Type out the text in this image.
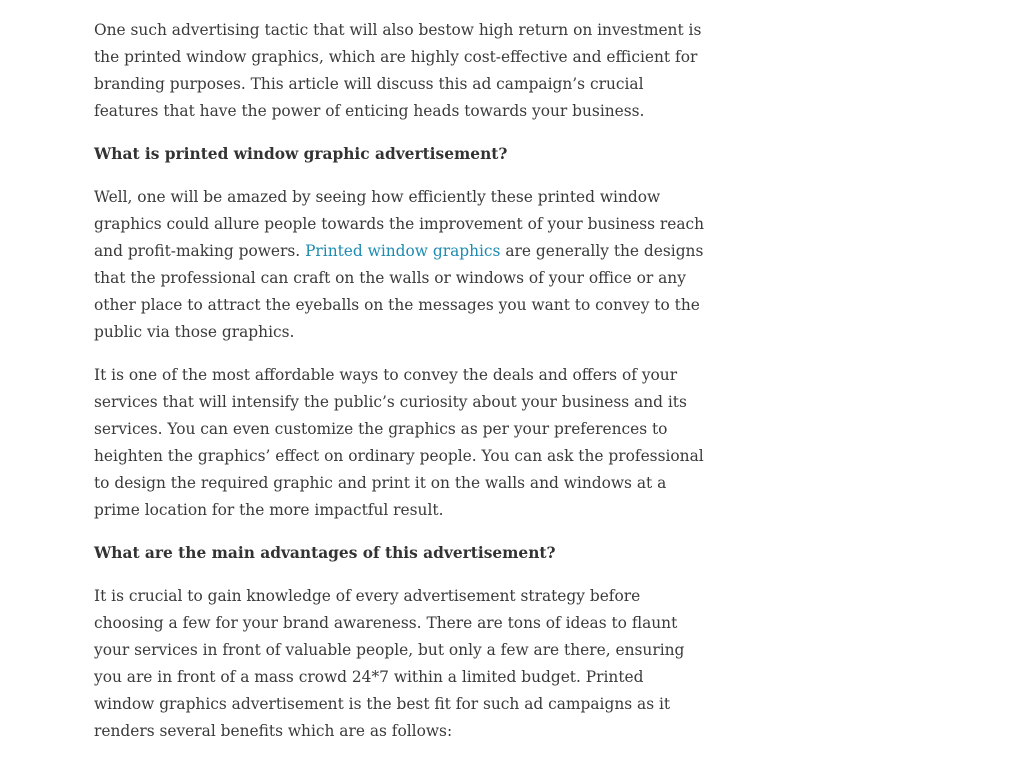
One such advertising tactic that will also bestow high return on investment is the printed window graphics, which are highly cost-effective and efficient for branding purposes. This article will discuss this ad campaign’s crucial features that have the power of enticing heads towards your business.

What is printed window graphic advertisement?

Well, one will be amazed by seeing how efficiently these printed window graphics could allure people towards the improvement of your business reach and profit-making powers. Printed window graphics are generally the designs that the professional can craft on the walls or windows of your office or any other place to attract the eyeballs on the messages you want to convey to the public via those graphics.

It is one of the most affordable ways to convey the deals and offers of your services that will intensify the public’s curiosity about your business and its services. You can even customize the graphics as per your preferences to heighten the graphics’ effect on ordinary people. You can ask the professional to design the required graphic and print it on the walls and windows at a prime location for the more impactful result.

What are the main advantages of this advertisement?

It is crucial to gain knowledge of every advertisement strategy before choosing a few for your brand awareness. There are tons of ideas to flaunt your services in front of valuable people, but only a few are there, ensuring you are in front of a mass crowd 24*7 within a limited budget. Printed window graphics advertisement is the best fit for such ad campaigns as it renders several benefits which are as follows:
